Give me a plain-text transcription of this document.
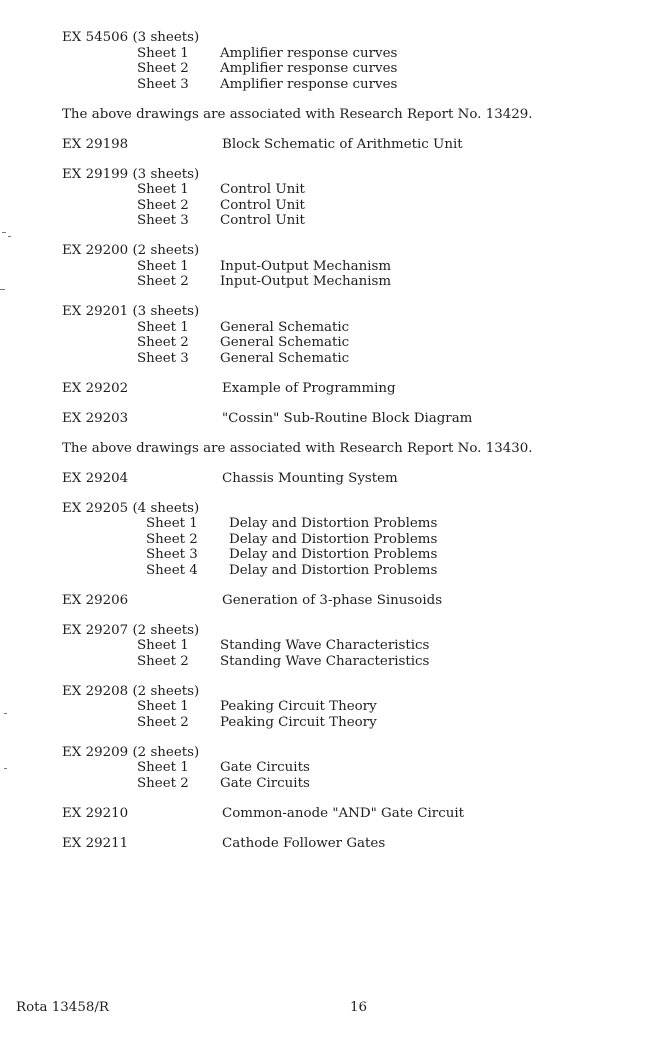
EX 54506 (3 sheets)
Sheet 1 Amplifier response curves
Sheet 2 Amplifier response curves
Sheet 3 Amplifier response curves
The above drawings are associated with Research Report No. 13429.
EX 29198	Block Schematic of Arithmetic Unit
EX 29199 (3 sheets)
Sheet 1 Control Unit
Sheet 2 Control Unit
Sheet 3 Control Unit
EX 29200 (2 sheets)
Sheet 1 Input-Output Mechanism
Sheet 2 Input-Output Mechanism
EX 29201 (3 sheets)
Sheet 1 General Schematic
Sheet 2 General Schematic
Sheet 3 General Schematic
EX 29202	Example of Programming
EX 29203	"Cossin" Sub-Routine Block Diagram
The above drawings are associated with Research Report No. 13430.
EX 29204	Chassis Mounting System
EX 29205 (4 sheets)
Sheet 1 Delay and Distortion Problems
Sheet 2 Delay and Distortion Problems
Sheet 3 Delay and Distortion Problems
Sheet 4 Delay and Distortion Problems
EX 29206	Generation of 3-phase Sinusoids
EX 29207 (2 sheets)
Sheet 1 Standing Wave Characteristics
Sheet 2 Standing Wave Characteristics
EX 29208 (2 sheets)
Sheet 1 Peaking Circuit Theory
Sheet 2 Peaking Circuit Theory
EX 29209 (2 sheets)
Sheet 1 Gate Circuits
Sheet 2 Gate Circuits
EX 29210	Common-anode "AND" Gate Circuit
EX 29211	Cathode Follower Gates
Rota 13458/R	16
